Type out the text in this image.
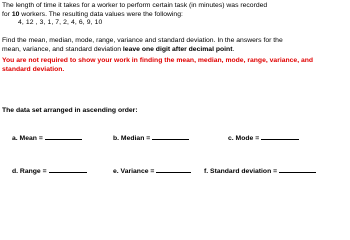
The length of time it takes for a worker to perform certain task (in minutes) was recorded
for 10 workers. The resulting data values were the following:
4, 12 , 3, 1, 7, 2, 4, 6, 9, 10
Find the mean, median, mode, range, variance and standard deviation. In the answers for the
mean, variance, and standard deviation leave one digit after decimal point.
You are not required to show your work in finding the mean, median, mode, range, variance, and
standard deviation.
The data set arranged in ascending order:
a. Mean =	b. Median =	c. Mode =
d. Range =	e. Variance =	f. Standard deviation =
